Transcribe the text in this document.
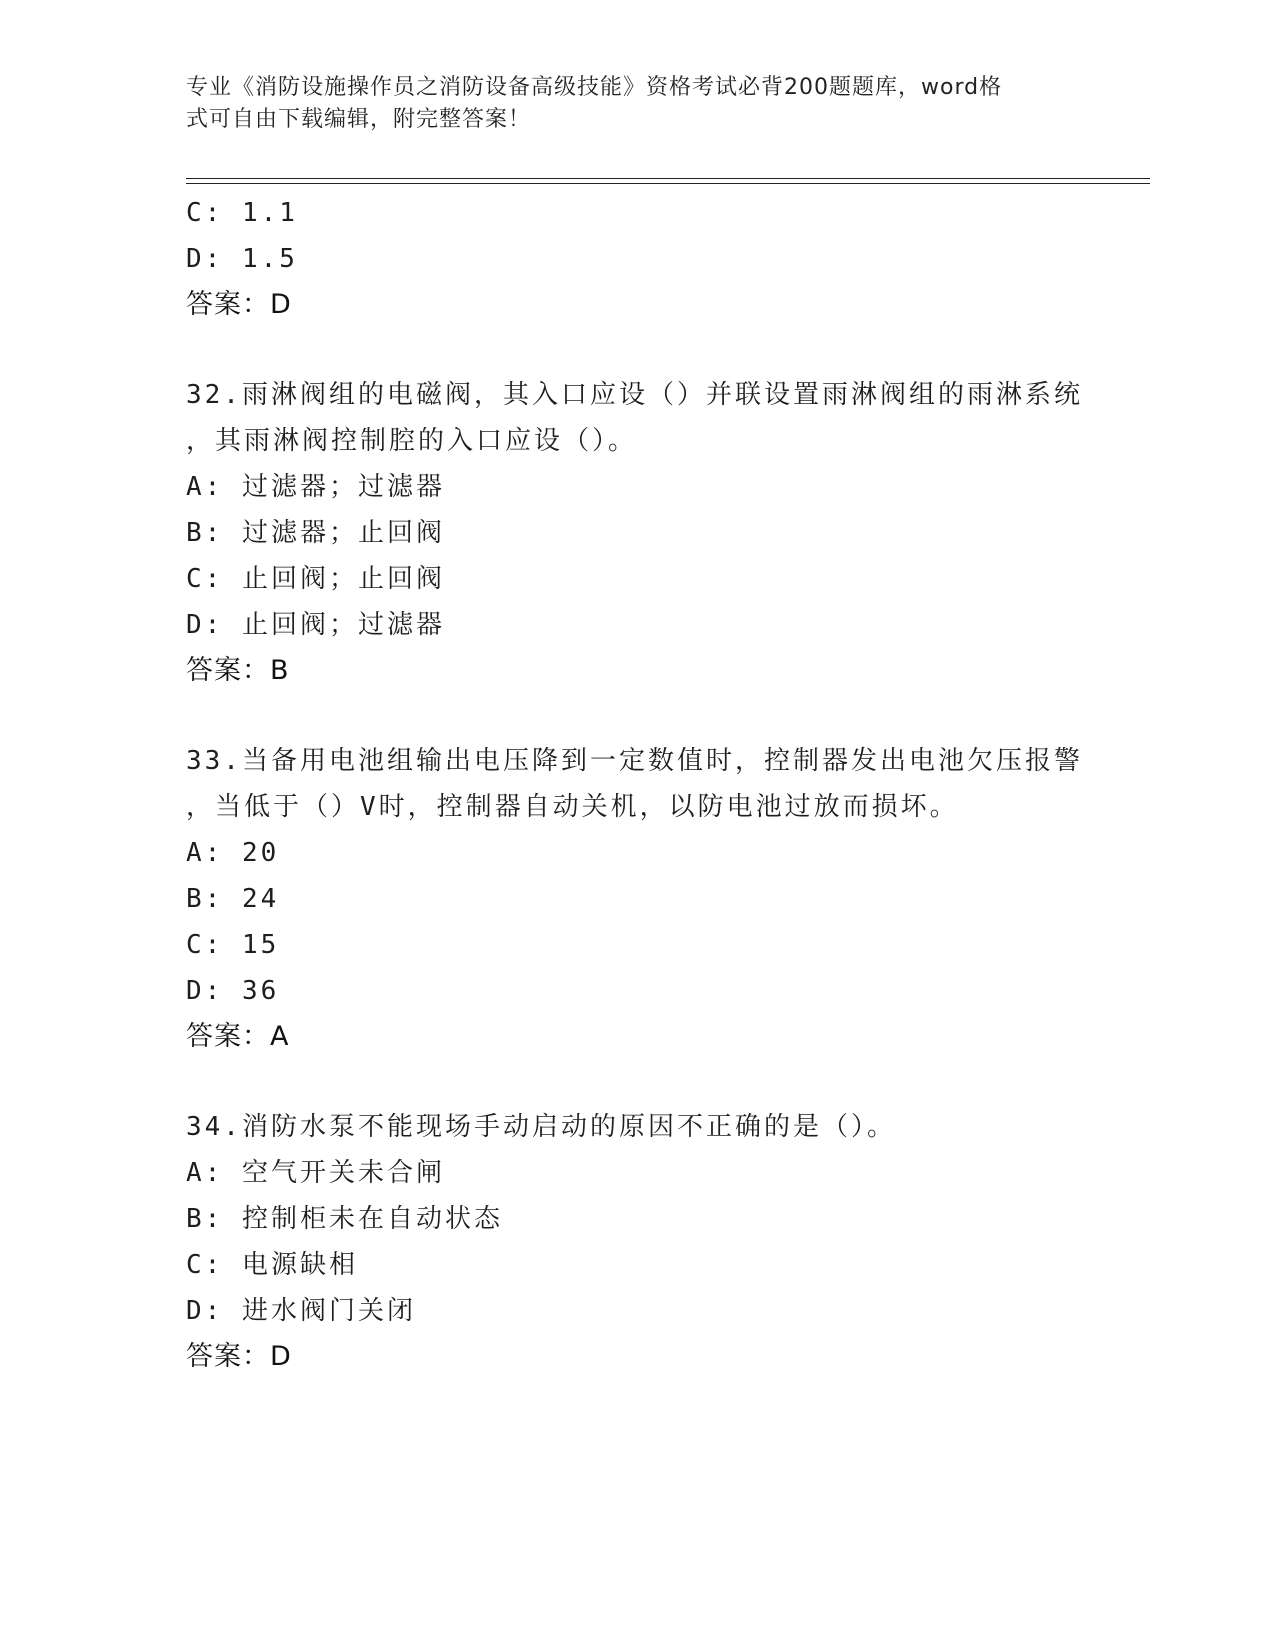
专业《消防设施操作员之消防设备高级技能》资格考试必背200题题库，word格
式可自由下载编辑，附完整答案！
C: 1.1
D: 1.5
答案：D
32.雨淋阀组的电磁阀，其入口应设（）并联设置雨淋阀组的雨淋系统
，其雨淋阀控制腔的入口应设（）。
A: 过滤器；过滤器
B: 过滤器；止回阀
C: 止回阀；止回阀
D: 止回阀；过滤器
答案：B
33.当备用电池组输出电压降到一定数值时，控制器发出电池欠压报警
，当低于（）V时，控制器自动关机，以防电池过放而损坏。
A: 20
B: 24
C: 15
D: 36
答案：A
34.消防水泵不能现场手动启动的原因不正确的是（）。
A: 空气开关未合闸
B: 控制柜未在自动状态
C: 电源缺相
D: 进水阀门关闭
答案：D
